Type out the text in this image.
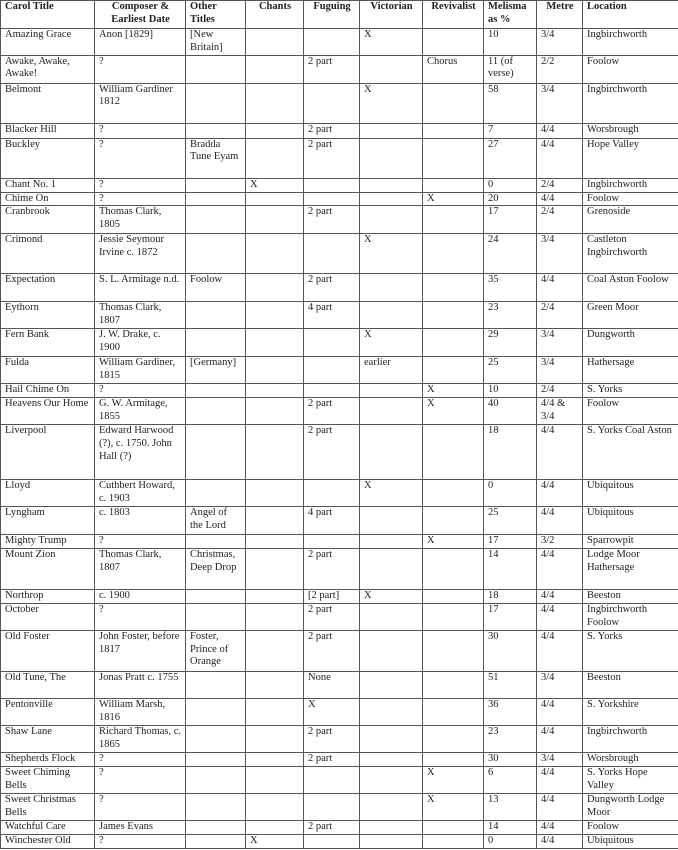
Carol Title	Composer & Earliest Date	Other Titles	Chants	Fuguing	Victorian	Revivalist	Melisma as %	Metre	Location
Amazing Grace	Anon [1829]	[New Britain]			X		10	3/4	Ingbirchworth
Awake, Awake, Awake!	?			2 part		Chorus	11 (of verse)	2/2	Foolow
Belmont	William Gardiner 1812				X		58	3/4	Ingbirchworth
Blacker Hill	?			2 part			7	4/4	Worsbrough
Buckley	?	Bradda Tune Eyam		2 part			27	4/4	Hope Valley
Chant No. 1	?		X				0	2/4	Ingbirchworth
Chime On	?					X	20	4/4	Foolow
Cranbrook	Thomas Clark, 1805			2 part			17	2/4	Grenoside
Crimond	Jessie Seymour Irvine c. 1872				X		24	3/4	Castleton Ingbirchworth
Expectation	S. L. Armitage n.d.	Foolow		2 part			35	4/4	Coal Aston Foolow
Eythorn	Thomas Clark, 1807			4 part			23	2/4	Green Moor
Fern Bank	J. W. Drake, c. 1900				X		29	3/4	Dungworth
Fulda	William Gardiner, 1815	[Germany]			earlier		25	3/4	Hathersage
Hail Chime On	?					X	10	2/4	S. Yorks
Heavens Our Home	G. W. Armitage, 1855			2 part		X	40	4/4 & 3/4	Foolow
Liverpool	Edward Harwood (?), c. 1750. John Hall (?)			2 part			18	4/4	S. Yorks Coal Aston
Lloyd	Cuthbert Howard, c. 1903				X		0	4/4	Ubiquitous
Lyngham	c. 1803	Angel of the Lord		4 part			25	4/4	Ubiquitous
Mighty Trump	?					X	17	3/2	Sparrowpit
Mount Zion	Thomas Clark, 1807	Christmas, Deep Drop		2 part			14	4/4	Lodge Moor Hathersage
Northrop	c. 1900			[2 part]	X		18	4/4	Beeston
October	?			2 part			17	4/4	Ingbirchworth Foolow
Old Foster	John Foster, before 1817	Foster, Prince of Orange		2 part			30	4/4	S. Yorks
Old Tune, The	Jonas Pratt c. 1755			None			51	3/4	Beeston
Pentonville	William Marsh, 1816			X			36	4/4	S. Yorkshire
Shaw Lane	Richard Thomas, c. 1865			2 part			23	4/4	Ingbirchworth
Shepherds Flock	?			2 part			30	3/4	Worsbrough
Sweet Chiming Bells	?					X	6	4/4	S. Yorks Hope Valley
Sweet Christmas Bells	?					X	13	4/4	Dungworth Lodge Moor
Watchful Care	James Evans			2 part			14	4/4	Foolow
Winchester Old	?		X				0	4/4	Ubiquitous
